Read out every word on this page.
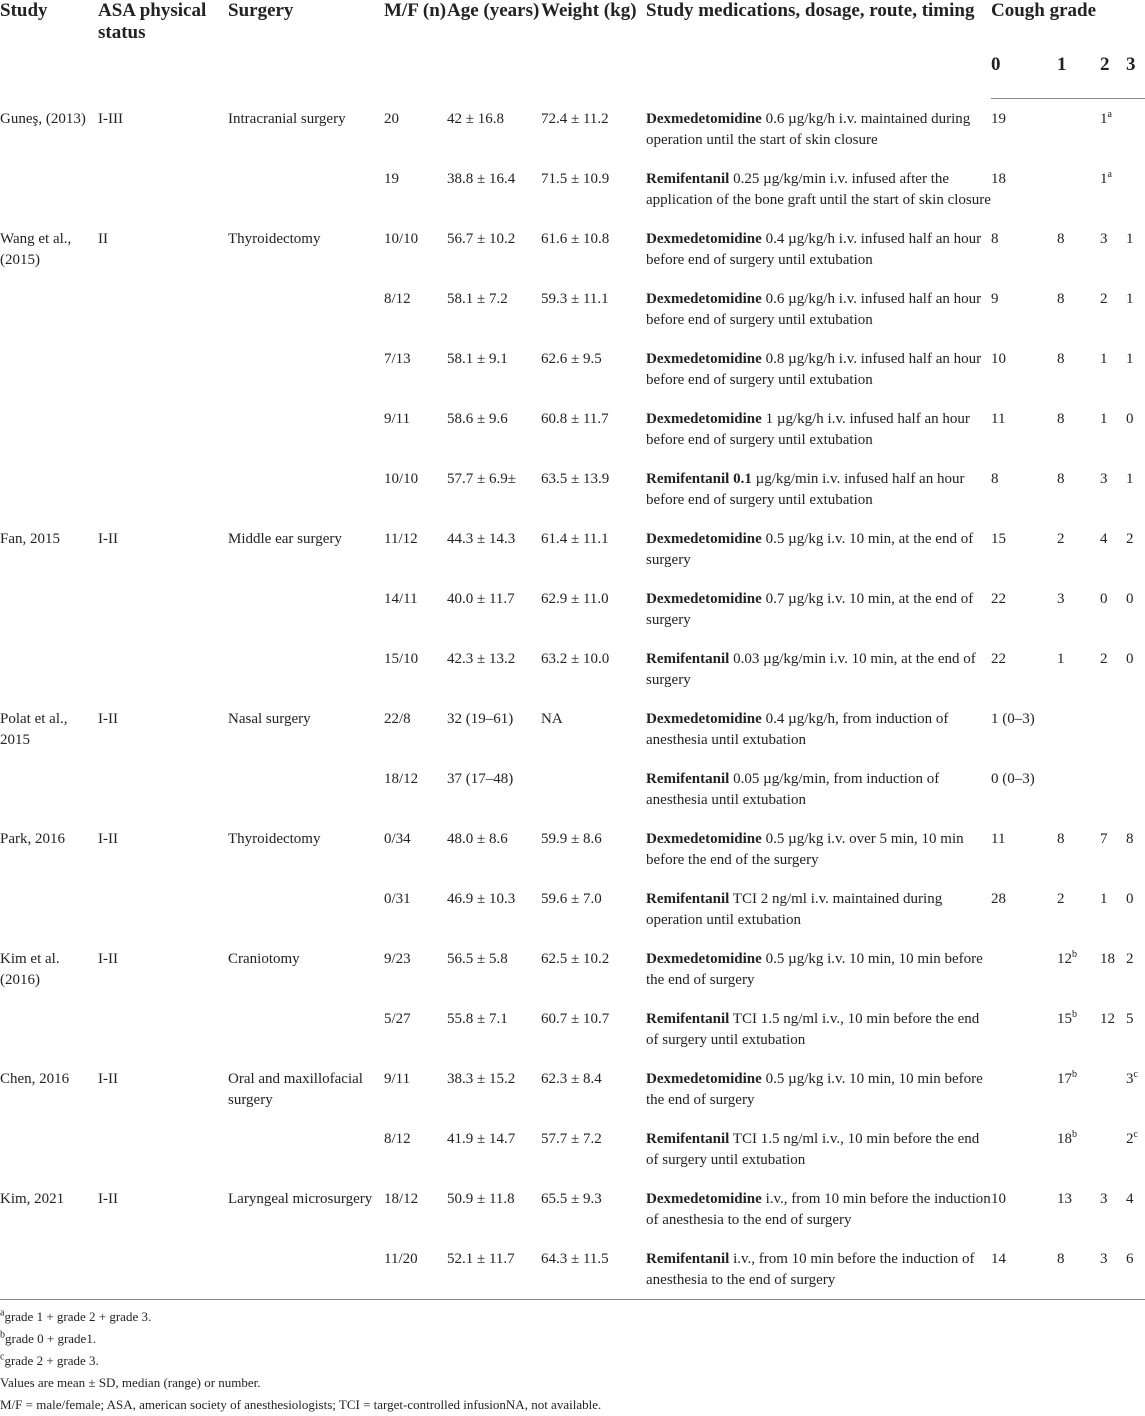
Study	ASA physical status	Surgery	M/F (n)	Age (years)	Weight (kg)	Study medications, dosage, route, timing	Cough grade			
							0	1	2	3
Guneş, (2013)	I-III	Intracranial surgery	20	42 ± 16.8	72.4 ± 11.2	Dexmedetomidine 0.6 µg/kg/h i.v. maintained during operation until the start of skin closure	19		1$^a$	
			19	38.8 ± 16.4	71.5 ± 10.9	Remifentanil 0.25 µg/kg/min i.v. infused after the application of the bone graft until the start of skin closure	18		1$^a$	
Wang et al., (2015)	II	Thyroidectomy	10/10	56.7 ± 10.2	61.6 ± 10.8	Dexmedetomidine 0.4 µg/kg/h i.v. infused half an hour before end of surgery until extubation	8	8	3	1
			8/12	58.1 ± 7.2	59.3 ± 11.1	Dexmedetomidine 0.6 µg/kg/h i.v. infused half an hour before end of surgery until extubation	9	8	2	1
			7/13	58.1 ± 9.1	62.6 ± 9.5	Dexmedetomidine 0.8 µg/kg/h i.v. infused half an hour before end of surgery until extubation	10	8	1	1
			9/11	58.6 ± 9.6	60.8 ± 11.7	Dexmedetomidine 1 µg/kg/h i.v. infused half an hour before end of surgery until extubation	11	8	1	0
			10/10	57.7 ± 6.9±	63.5 ± 13.9	Remifentanil 0.1 µg/kg/min i.v. infused half an hour before end of surgery until extubation	8	8	3	1
Fan, 2015	I-II	Middle ear surgery	11/12	44.3 ± 14.3	61.4 ± 11.1	Dexmedetomidine 0.5 µg/kg i.v. 10 min, at the end of surgery	15	2	4	2
			14/11	40.0 ± 11.7	62.9 ± 11.0	Dexmedetomidine 0.7 µg/kg i.v. 10 min, at the end of surgery	22	3	0	0
			15/10	42.3 ± 13.2	63.2 ± 10.0	Remifentanil 0.03 µg/kg/min i.v. 10 min, at the end of surgery	22	1	2	0
Polat et al., 2015	I-II	Nasal surgery	22/8	32 (19–61)	NA	Dexmedetomidine 0.4 µg/kg/h, from induction of anesthesia until extubation	1 (0–3)			
			18/12	37 (17–48)		Remifentanil 0.05 µg/kg/min, from induction of anesthesia until extubation	0 (0–3)			
Park, 2016	I-II	Thyroidectomy	0/34	48.0 ± 8.6	59.9 ± 8.6	Dexmedetomidine 0.5 µg/kg i.v. over 5 min, 10 min before the end of the surgery	11	8	7	8
			0/31	46.9 ± 10.3	59.6 ± 7.0	Remifentanil TCI 2 ng/ml i.v. maintained during operation until extubation	28	2	1	0
Kim et al. (2016)	I-II	Craniotomy	9/23	56.5 ± 5.8	62.5 ± 10.2	Dexmedetomidine 0.5 µg/kg i.v. 10 min, 10 min before the end of surgery		12$^b$	18	2
			5/27	55.8 ± 7.1	60.7 ± 10.7	Remifentanil TCI 1.5 ng/ml i.v., 10 min before the end of surgery until extubation		15$^b$	12	5
Chen, 2016	I-II	Oral and maxillofacial surgery	9/11	38.3 ± 15.2	62.3 ± 8.4	Dexmedetomidine 0.5 µg/kg i.v. 10 min, 10 min before the end of surgery		17$^b$		3$^c$
			8/12	41.9 ± 14.7	57.7 ± 7.2	Remifentanil TCI 1.5 ng/ml i.v., 10 min before the end of surgery until extubation		18$^b$		2$^c$
Kim, 2021	I-II	Laryngeal microsurgery	18/12	50.9 ± 11.8	65.5 ± 9.3	Dexmedetomidine i.v., from 10 min before the induction of anesthesia to the end of surgery	10	13	3	4
			11/20	52.1 ± 11.7	64.3 ± 11.5	Remifentanil i.v., from 10 min before the induction of anesthesia to the end of surgery	14	8	3	6
$^a$grade 1 + grade 2 + grade 3.
$^b$grade 0 + grade1.
$^c$grade 2 + grade 3.
Values are mean ± SD, median (range) or number.
M/F = male/female; ASA, american society of anesthesiologists; TCI = target-controlled infusionNA, not available.
